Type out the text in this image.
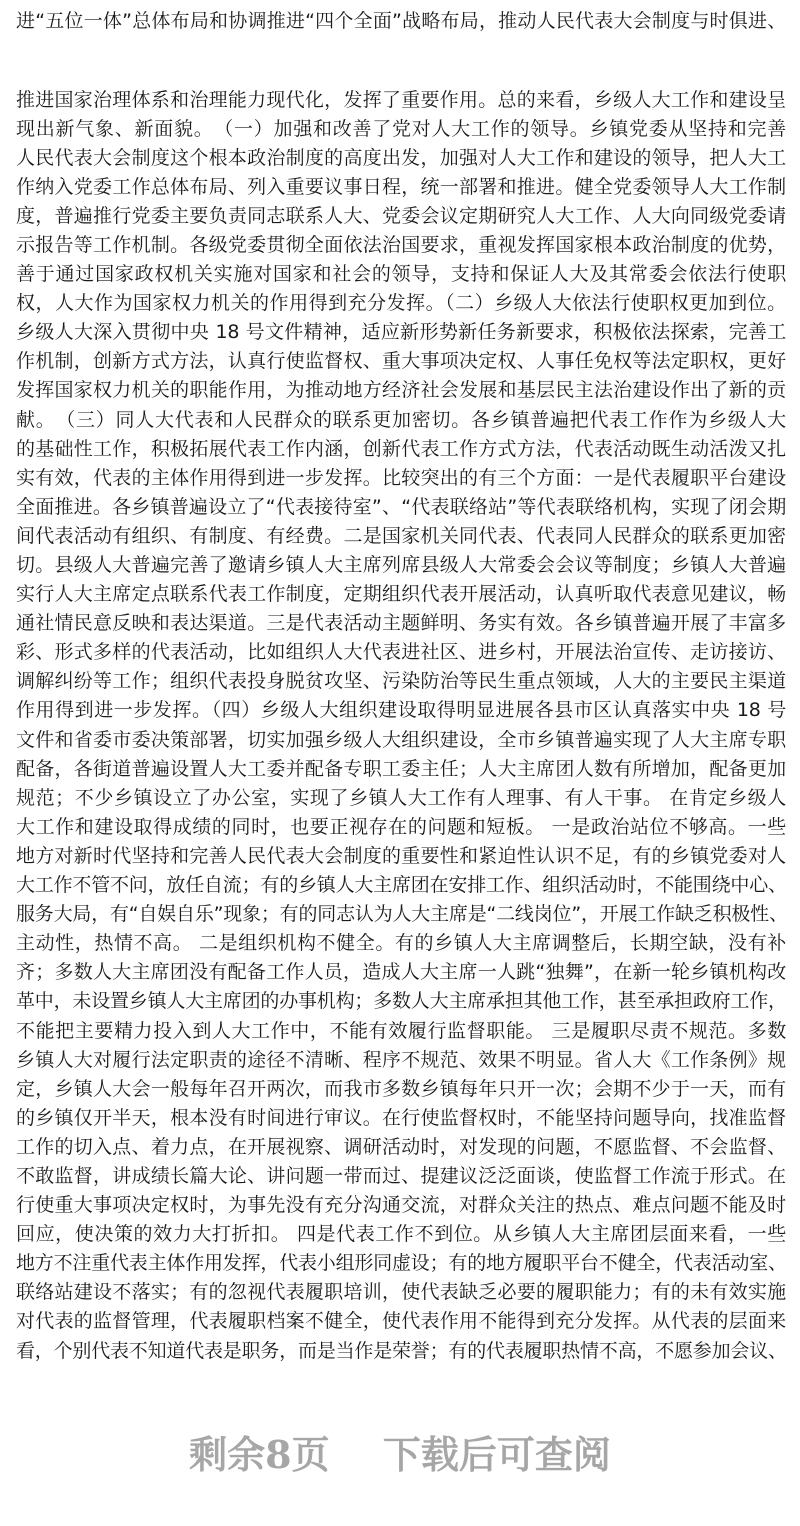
进“五位一体”总体布局和协调推进“四个全面”战略布局，推动人民代表大会制度与时俱进、
推进国家治理体系和治理能力现代化，发挥了重要作用。总的来看，乡级人大工作和建设呈
现出新气象、新面貌。　（一）加强和改善了党对人大工作的领导。乡镇党委从坚持和完善
人民代表大会制度这个根本政治制度的高度出发，加强对人大工作和建设的领导，把人大工
作纳入党委工作总体布局、列入重要议事日程，统一部署和推进。健全党委领导人大工作制
度，普遍推行党委主要负责同志联系人大、党委会议定期研究人大工作、人大向同级党委请
示报告等工作机制。各级党委贯彻全面依法治国要求，重视发挥国家根本政治制度的优势，
善于通过国家政权机关实施对国家和社会的领导，支持和保证人大及其常委会依法行使职
权，人大作为国家权力机关的作用得到充分发挥。（二）乡级人大依法行使职权更加到位。
乡级人大深入贯彻中央 18 号文件精神，适应新形势新任务新要求，积极依法探索，完善工
作机制，创新方式方法，认真行使监督权、重大事项决定权、人事任免权等法定职权，更好
发挥国家权力机关的职能作用，为推动地方经济社会发展和基层民主法治建设作出了新的贡
献。　（三）同人大代表和人民群众的联系更加密切。各乡镇普遍把代表工作作为乡级人大
的基础性工作，积极拓展代表工作内涵，创新代表工作方式方法，代表活动既生动活泼又扎
实有效，代表的主体作用得到进一步发挥。比较突出的有三个方面：一是代表履职平台建设
全面推进。各乡镇普遍设立了“代表接待室”、“代表联络站”等代表联络机构，实现了闭会期
间代表活动有组织、有制度、有经费。二是国家机关同代表、代表同人民群众的联系更加密
切。县级人大普遍完善了邀请乡镇人大主席列席县级人大常委会会议等制度；乡镇人大普遍
实行人大主席定点联系代表工作制度，定期组织代表开展活动，认真听取代表意见建议，畅
通社情民意反映和表达渠道。三是代表活动主题鲜明、务实有效。各乡镇普遍开展了丰富多
彩、形式多样的代表活动，比如组织人大代表进社区、进乡村，开展法治宣传、走访接访、
调解纠纷等工作；组织代表投身脱贫攻坚、污染防治等民生重点领域，人大的主要民主渠道
作用得到进一步发挥。（四）乡级人大组织建设取得明显进展各县市区认真落实中央 18 号
文件和省委市委决策部署，切实加强乡级人大组织建设，全市乡镇普遍实现了人大主席专职
配备，各街道普遍设置人大工委并配备专职工委主任；人大主席团人数有所增加，配备更加
规范；不少乡镇设立了办公室，实现了乡镇人大工作有人理事、有人干事。 在肯定乡级人
大工作和建设取得成绩的同时，也要正视存在的问题和短板。 一是政治站位不够高。一些
地方对新时代坚持和完善人民代表大会制度的重要性和紧迫性认识不足，有的乡镇党委对人
大工作不管不问，放任自流；有的乡镇人大主席团在安排工作、组织活动时，不能围绕中心、
服务大局，有“自娱自乐”现象；有的同志认为人大主席是“二线岗位”，开展工作缺乏积极性、
主动性，热情不高。 二是组织机构不健全。有的乡镇人大主席调整后，长期空缺，没有补
齐；多数人大主席团没有配备工作人员，造成人大主席一人跳“独舞”，在新一轮乡镇机构改
革中，未设置乡镇人大主席团的办事机构；多数人大主席承担其他工作，甚至承担政府工作，
不能把主要精力投入到人大工作中，不能有效履行监督职能。 三是履职尽责不规范。多数
乡镇人大对履行法定职责的途径不清晰、程序不规范、效果不明显。省人大《工作条例》规
定，乡镇人大会一般每年召开两次，而我市多数乡镇每年只开一次；会期不少于一天，而有
的乡镇仅开半天，根本没有时间进行审议。在行使监督权时，不能坚持问题导向，找准监督
工作的切入点、着力点，在开展视察、调研活动时，对发现的问题，不愿监督、不会监督、
不敢监督，讲成绩长篇大论、讲问题一带而过、提建议泛泛面谈，使监督工作流于形式。在
行使重大事项决定权时，为事先没有充分沟通交流，对群众关注的热点、难点问题不能及时
回应，使决策的效力大打折扣。 四是代表工作不到位。从乡镇人大主席团层面来看，一些
地方不注重代表主体作用发挥，代表小组形同虚设；有的地方履职平台不健全，代表活动室、
联络站建设不落实；有的忽视代表履职培训，使代表缺乏必要的履职能力；有的未有效实施
对代表的监督管理，代表履职档案不健全，使代表作用不能得到充分发挥。从代表的层面来
看，个别代表不知道代表是职务，而是当作是荣誉；有的代表履职热情不高，不愿参加会议、
剩余8页 下载后可查阅
